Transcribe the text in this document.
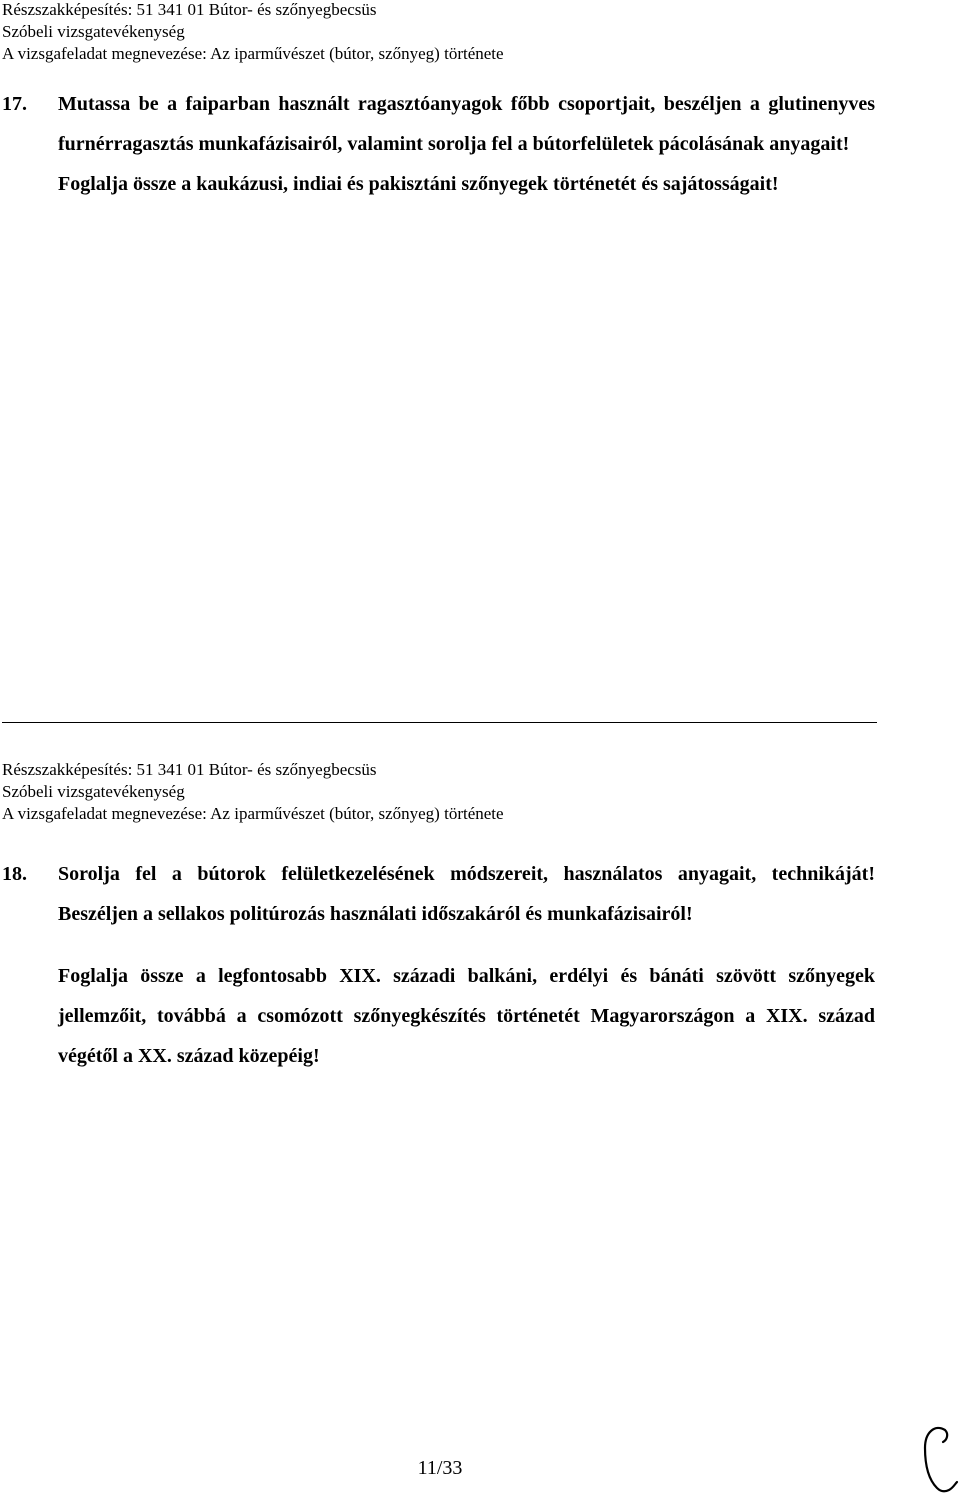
Részszakképesítés: 51 341 01 Bútor- és szőnyegbecsüs
Szóbeli vizsgatevékenység
A vizsgafeladat megnevezése: Az iparművészet (bútor, szőnyeg) története
17. Mutassa be a faiparban használt ragasztóanyagok főbb csoportjait, beszéljen a glutinenyves furnérragasztás munkafázisairól, valamint sorolja fel a bútorfelületek pácolásának anyagait!

Foglalja össze a kaukázusi, indiai és pakisztáni szőnyegek történetét és sajátosságait!

Részszakképesítés: 51 341 01 Bútor- és szőnyegbecsüs
Szóbeli vizsgatevékenység
A vizsgafeladat megnevezése: Az iparművészet (bútor, szőnyeg) története
18. Sorolja fel a bútorok felületkezelésének módszereit, használatos anyagait, technikáját! Beszéljen a sellakos politúrozás használati időszakáról és munkafázisairól!

Foglalja össze a legfontosabb XIX. századi balkáni, erdélyi és bánáti szövött szőnyegek jellemzőit, továbbá a csomózott szőnyegkészítés történetét Magyarországon a XIX. század végétől a XX. század közepéig!

11/33
